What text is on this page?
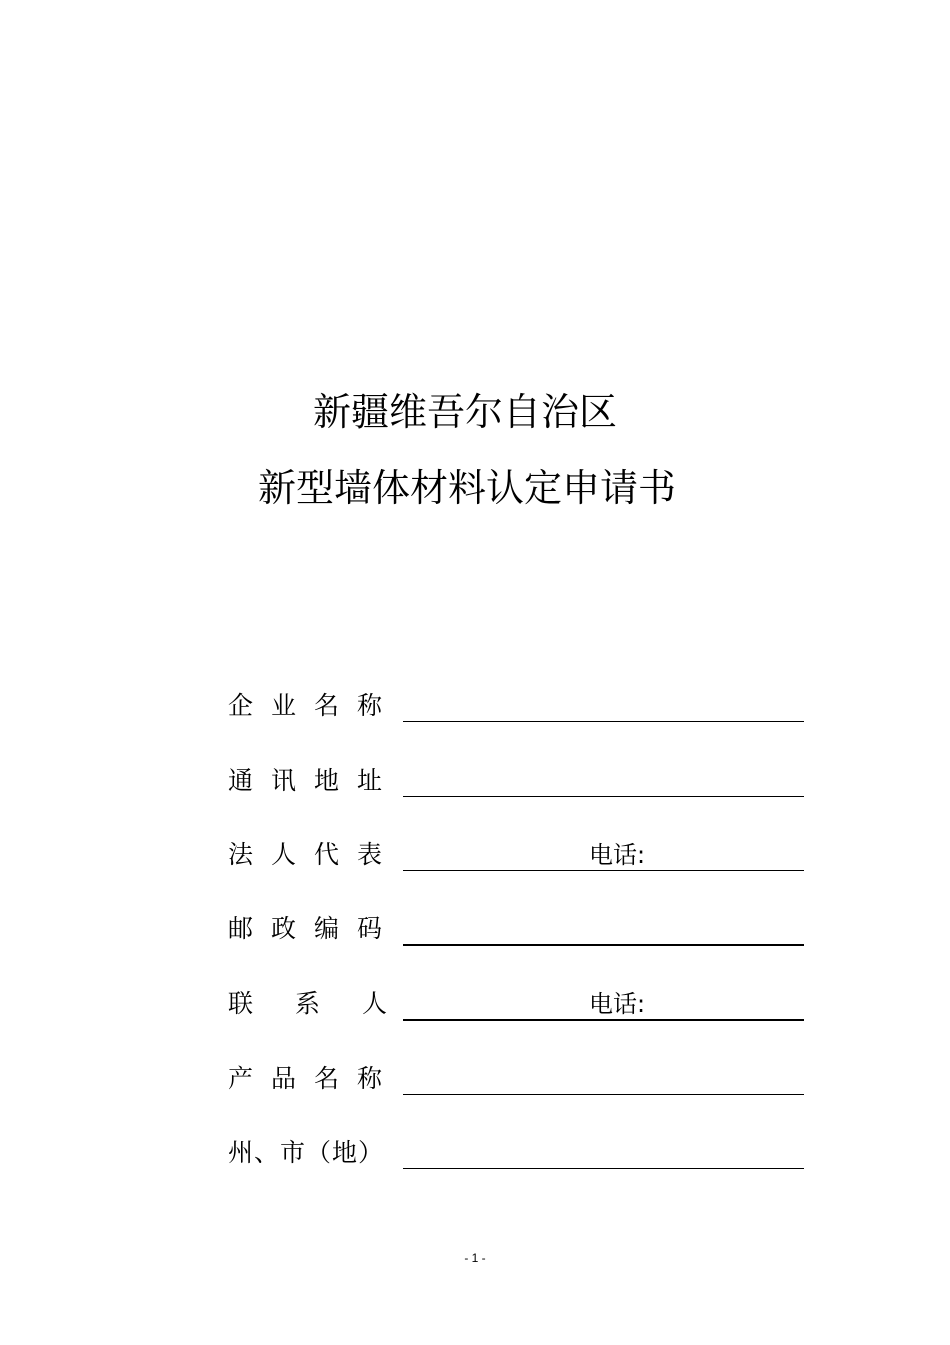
新疆维吾尔自治区
新型墙体材料认定申请书
企业名称
通讯地址
法人代表	电话:
邮政编码
联 系 人	电话:
产品名称
州、市（地）
- 1 -
